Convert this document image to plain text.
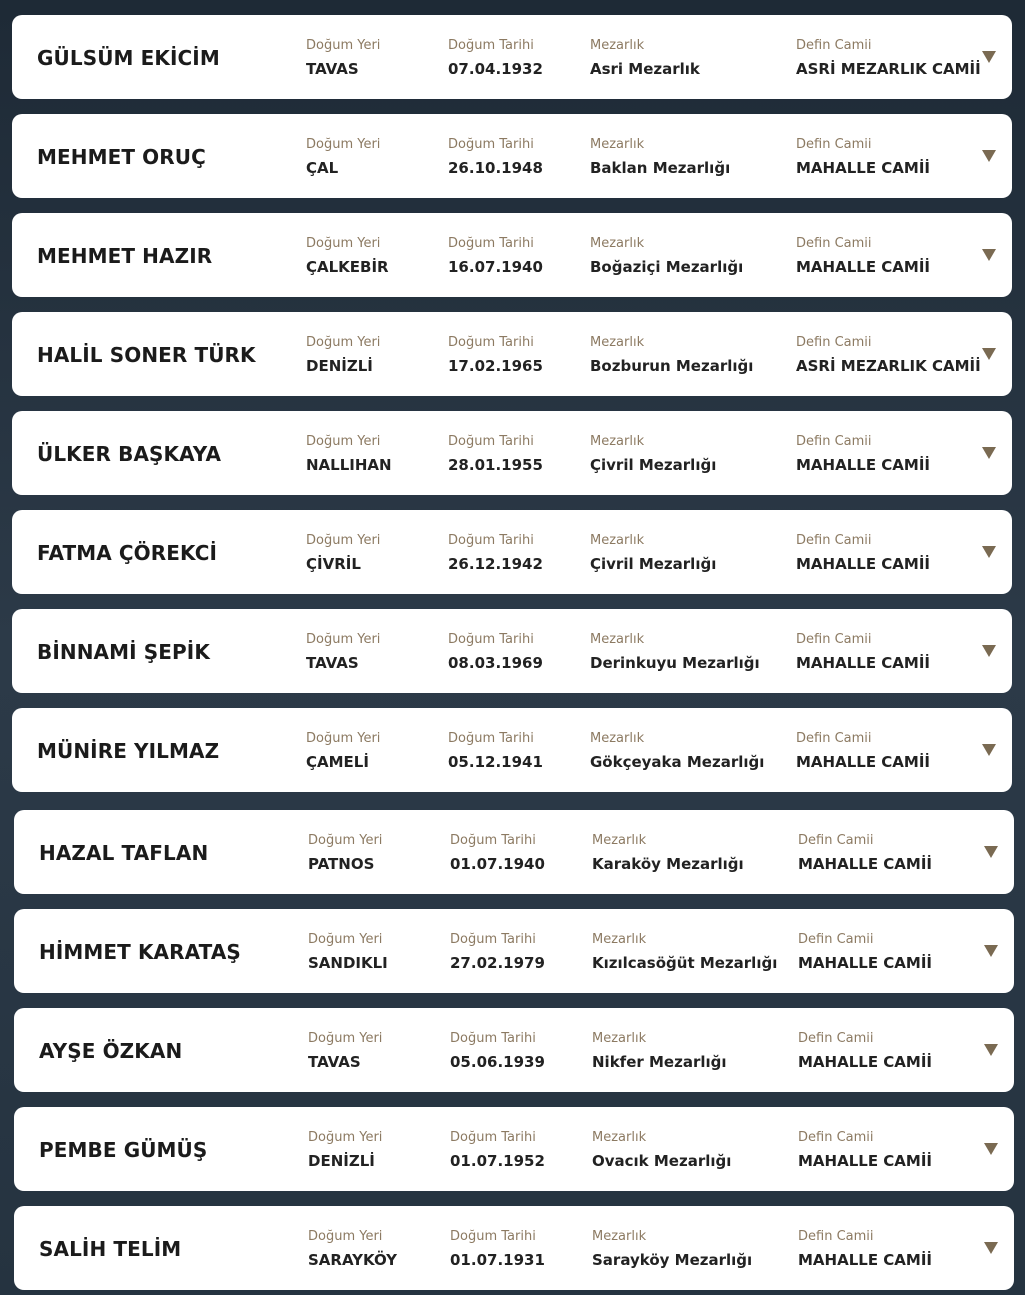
GÜLSÜM EKİCİM
Doğum Yeri
TAVAS
Doğum Tarihi
07.04.1932
Mezarlık
Asri Mezarlık
Defin Camii
ASRİ MEZARLIK CAMİİ
MEHMET ORUÇ
Doğum Yeri
ÇAL
Doğum Tarihi
26.10.1948
Mezarlık
Baklan Mezarlığı
Defin Camii
MAHALLE CAMİİ
MEHMET HAZIR
Doğum Yeri
ÇALKEBİR
Doğum Tarihi
16.07.1940
Mezarlık
Boğaziçi Mezarlığı
Defin Camii
MAHALLE CAMİİ
HALİL SONER TÜRK
Doğum Yeri
DENİZLİ
Doğum Tarihi
17.02.1965
Mezarlık
Bozburun Mezarlığı
Defin Camii
ASRİ MEZARLIK CAMİİ
ÜLKER BAŞKAYA
Doğum Yeri
NALLIHAN
Doğum Tarihi
28.01.1955
Mezarlık
Çivril Mezarlığı
Defin Camii
MAHALLE CAMİİ
FATMA ÇÖREKCİ
Doğum Yeri
ÇİVRİL
Doğum Tarihi
26.12.1942
Mezarlık
Çivril Mezarlığı
Defin Camii
MAHALLE CAMİİ
BİNNAMİ ŞEPİK
Doğum Yeri
TAVAS
Doğum Tarihi
08.03.1969
Mezarlık
Derinkuyu Mezarlığı
Defin Camii
MAHALLE CAMİİ
MÜNİRE YILMAZ
Doğum Yeri
ÇAMELİ
Doğum Tarihi
05.12.1941
Mezarlık
Gökçeyaka Mezarlığı
Defin Camii
MAHALLE CAMİİ
HAZAL TAFLAN
Doğum Yeri
PATNOS
Doğum Tarihi
01.07.1940
Mezarlık
Karaköy Mezarlığı
Defin Camii
MAHALLE CAMİİ
HİMMET KARATAŞ
Doğum Yeri
SANDIKLI
Doğum Tarihi
27.02.1979
Mezarlık
Kızılcasöğüt Mezarlığı
Defin Camii
MAHALLE CAMİİ
AYŞE ÖZKAN
Doğum Yeri
TAVAS
Doğum Tarihi
05.06.1939
Mezarlık
Nikfer Mezarlığı
Defin Camii
MAHALLE CAMİİ
PEMBE GÜMÜŞ
Doğum Yeri
DENİZLİ
Doğum Tarihi
01.07.1952
Mezarlık
Ovacık Mezarlığı
Defin Camii
MAHALLE CAMİİ
SALİH TELİM
Doğum Yeri
SARAYKÖY
Doğum Tarihi
01.07.1931
Mezarlık
Sarayköy Mezarlığı
Defin Camii
MAHALLE CAMİİ
